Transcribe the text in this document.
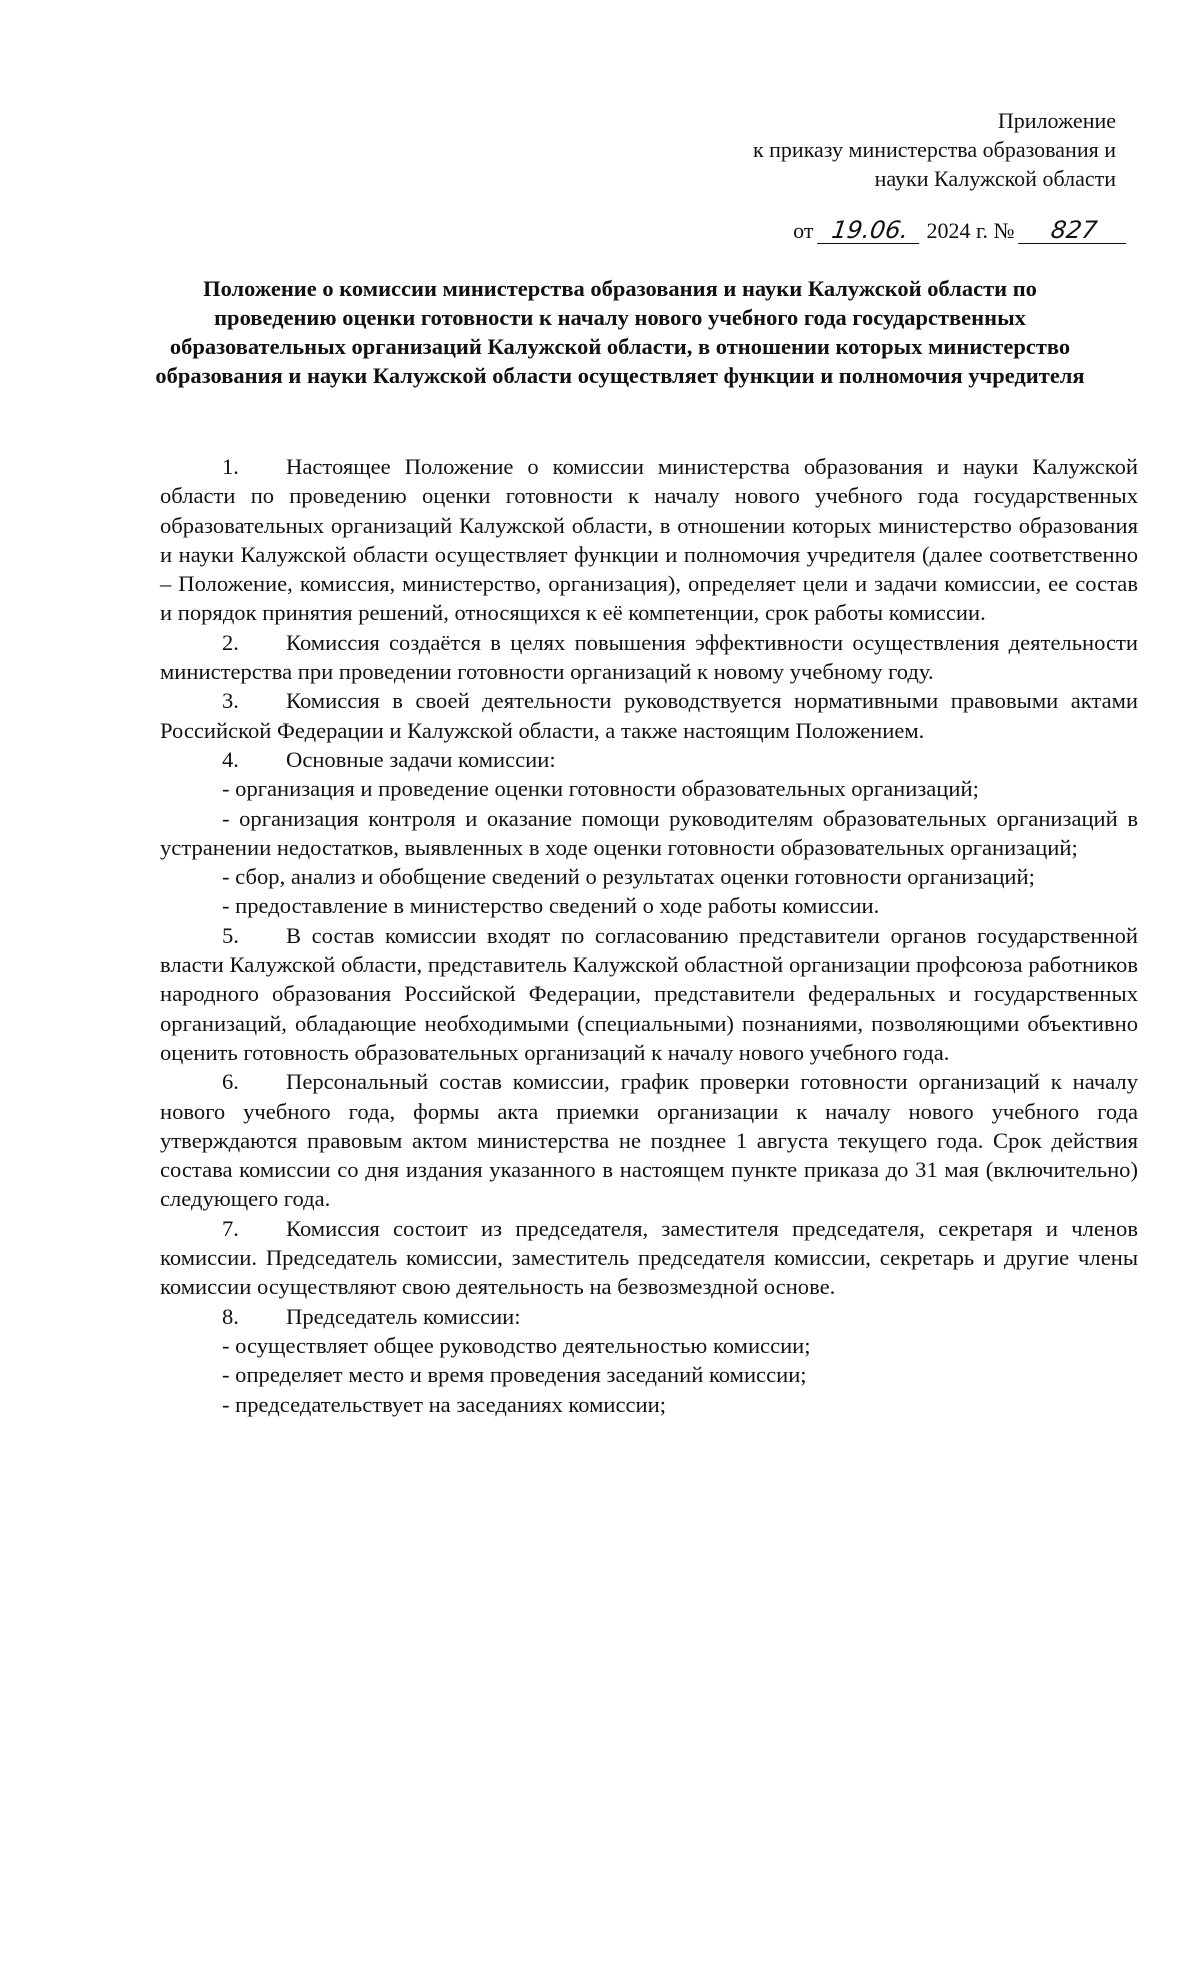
Приложение
к приказу министерства образования и
науки Калужской области
от 19.06. 2024 г. № 827
Положение о комиссии министерства образования и науки Калужской области по проведению оценки готовности к началу нового учебного года государственных образовательных организаций Калужской области, в отношении которых министерство образования и науки Калужской области осуществляет функции и полномочия учредителя

1. Настоящее Положение о комиссии министерства образования и науки Калужской области по проведению оценки готовности к началу нового учебного года государственных образовательных организаций Калужской области, в отношении которых министерство образования и науки Калужской области осуществляет функции и полномочия учредителя (далее соответственно – Положение, комиссия, министерство, организация), определяет цели и задачи комиссии, ее состав и порядок принятия решений, относящихся к её компетенции, срок работы комиссии.

2. Комиссия создаётся в целях повышения эффективности осуществления деятельности министерства при проведении готовности организаций к новому учебному году.

3. Комиссия в своей деятельности руководствуется нормативными правовыми актами Российской Федерации и Калужской области, а также настоящим Положением.

4. Основные задачи комиссии:

- организация и проведение оценки готовности образовательных организаций;

- организация контроля и оказание помощи руководителям образовательных организаций в устранении недостатков, выявленных в ходе оценки готовности образовательных организаций;

- сбор, анализ и обобщение сведений о результатах оценки готовности организаций;

- предоставление в министерство сведений о ходе работы комиссии.

5. В состав комиссии входят по согласованию представители органов государственной власти Калужской области, представитель Калужской областной организации профсоюза работников народного образования Российской Федерации, представители федеральных и государственных организаций, обладающие необходимыми (специальными) познаниями, позволяющими объективно оценить готовность образовательных организаций к началу нового учебного года.

6. Персональный состав комиссии, график проверки готовности организаций к началу нового учебного года, формы акта приемки организации к началу нового учебного года утверждаются правовым актом министерства не позднее 1 августа текущего года. Срок действия состава комиссии со дня издания указанного в настоящем пункте приказа до 31 мая (включительно) следующего года.

7. Комиссия состоит из председателя, заместителя председателя, секретаря и членов комиссии. Председатель комиссии, заместитель председателя комиссии, секретарь и другие члены комиссии осуществляют свою деятельность на безвозмездной основе.

8. Председатель комиссии:

- осуществляет общее руководство деятельностью комиссии;

- определяет место и время проведения заседаний комиссии;

- председательствует на заседаниях комиссии;
